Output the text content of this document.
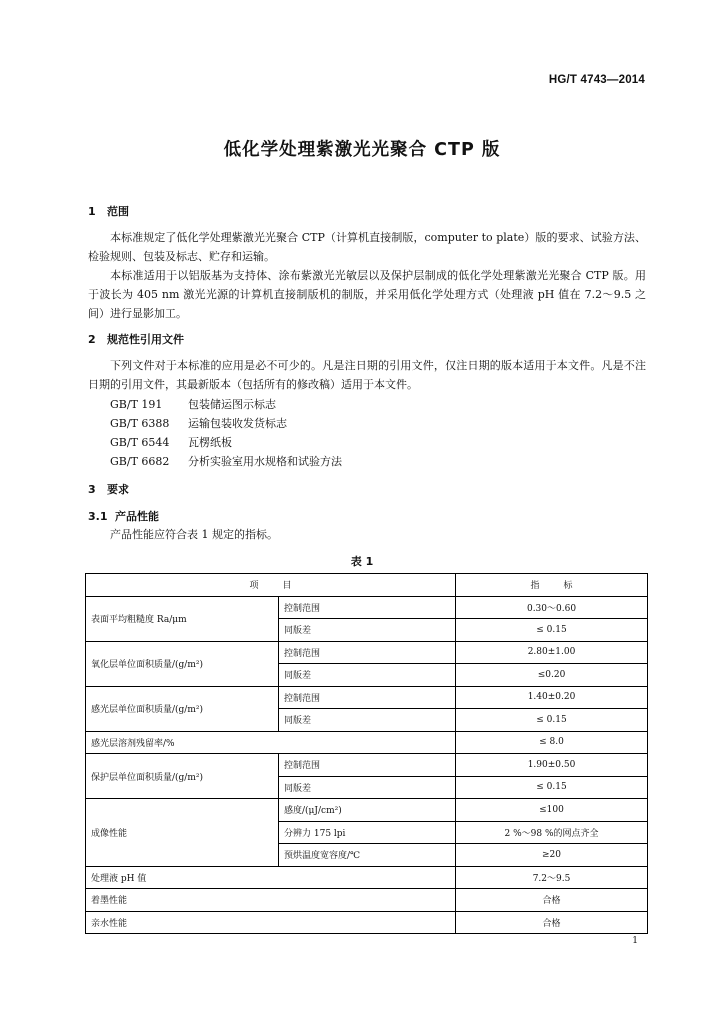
HG/T 4743—2014
低化学处理紫激光光聚合 CTP 版
1 范围

本标准规定了低化学处理紫激光光聚合 CTP（计算机直接制版，computer to plate）版的要求、试验方法、检验规则、包装及标志、贮存和运输。

本标准适用于以铝版基为支持体、涂布紫激光光敏层以及保护层制成的低化学处理紫激光光聚合 CTP 版。用于波长为 405 nm 激光光源的计算机直接制版机的制版，并采用低化学处理方式（处理液 pH 值在 7.2～9.5 之间）进行显影加工。

2 规范性引用文件

下列文件对于本标准的应用是必不可少的。凡是注日期的引用文件，仅注日期的版本适用于本文件。凡是不注日期的引用文件，其最新版本（包括所有的修改稿）适用于本文件。

GB/T 191 包装储运图示标志
GB/T 6388 运输包装收发货标志
GB/T 6544 瓦楞纸板
GB/T 6682 分析实验室用水规格和试验方法
3 要求
3.1 产品性能

产品性能应符合表 1 规定的指标。

表 1
项目		指标
表面平均粗糙度 Ra/μm	控制范围	0.30～0.60
	同版差	≤ 0.15
氧化层单位面积质量/(g/m²)	控制范围	2.80±1.00
	同版差	≤0.20
感光层单位面积质量/(g/m²)	控制范围	1.40±0.20
	同版差	≤ 0.15
感光层溶剂残留率/%		≤ 8.0
保护层单位面积质量/(g/m²)	控制范围	1.90±0.50
	同版差	≤ 0.15
成像性能	感度/(μJ/cm²)	≤100
	分辨力 175 lpi	2 %～98 %的网点齐全
	预烘温度宽容度/℃	≥20
处理液 pH 值		7.2～9.5
着墨性能		合格
亲水性能		合格
1
